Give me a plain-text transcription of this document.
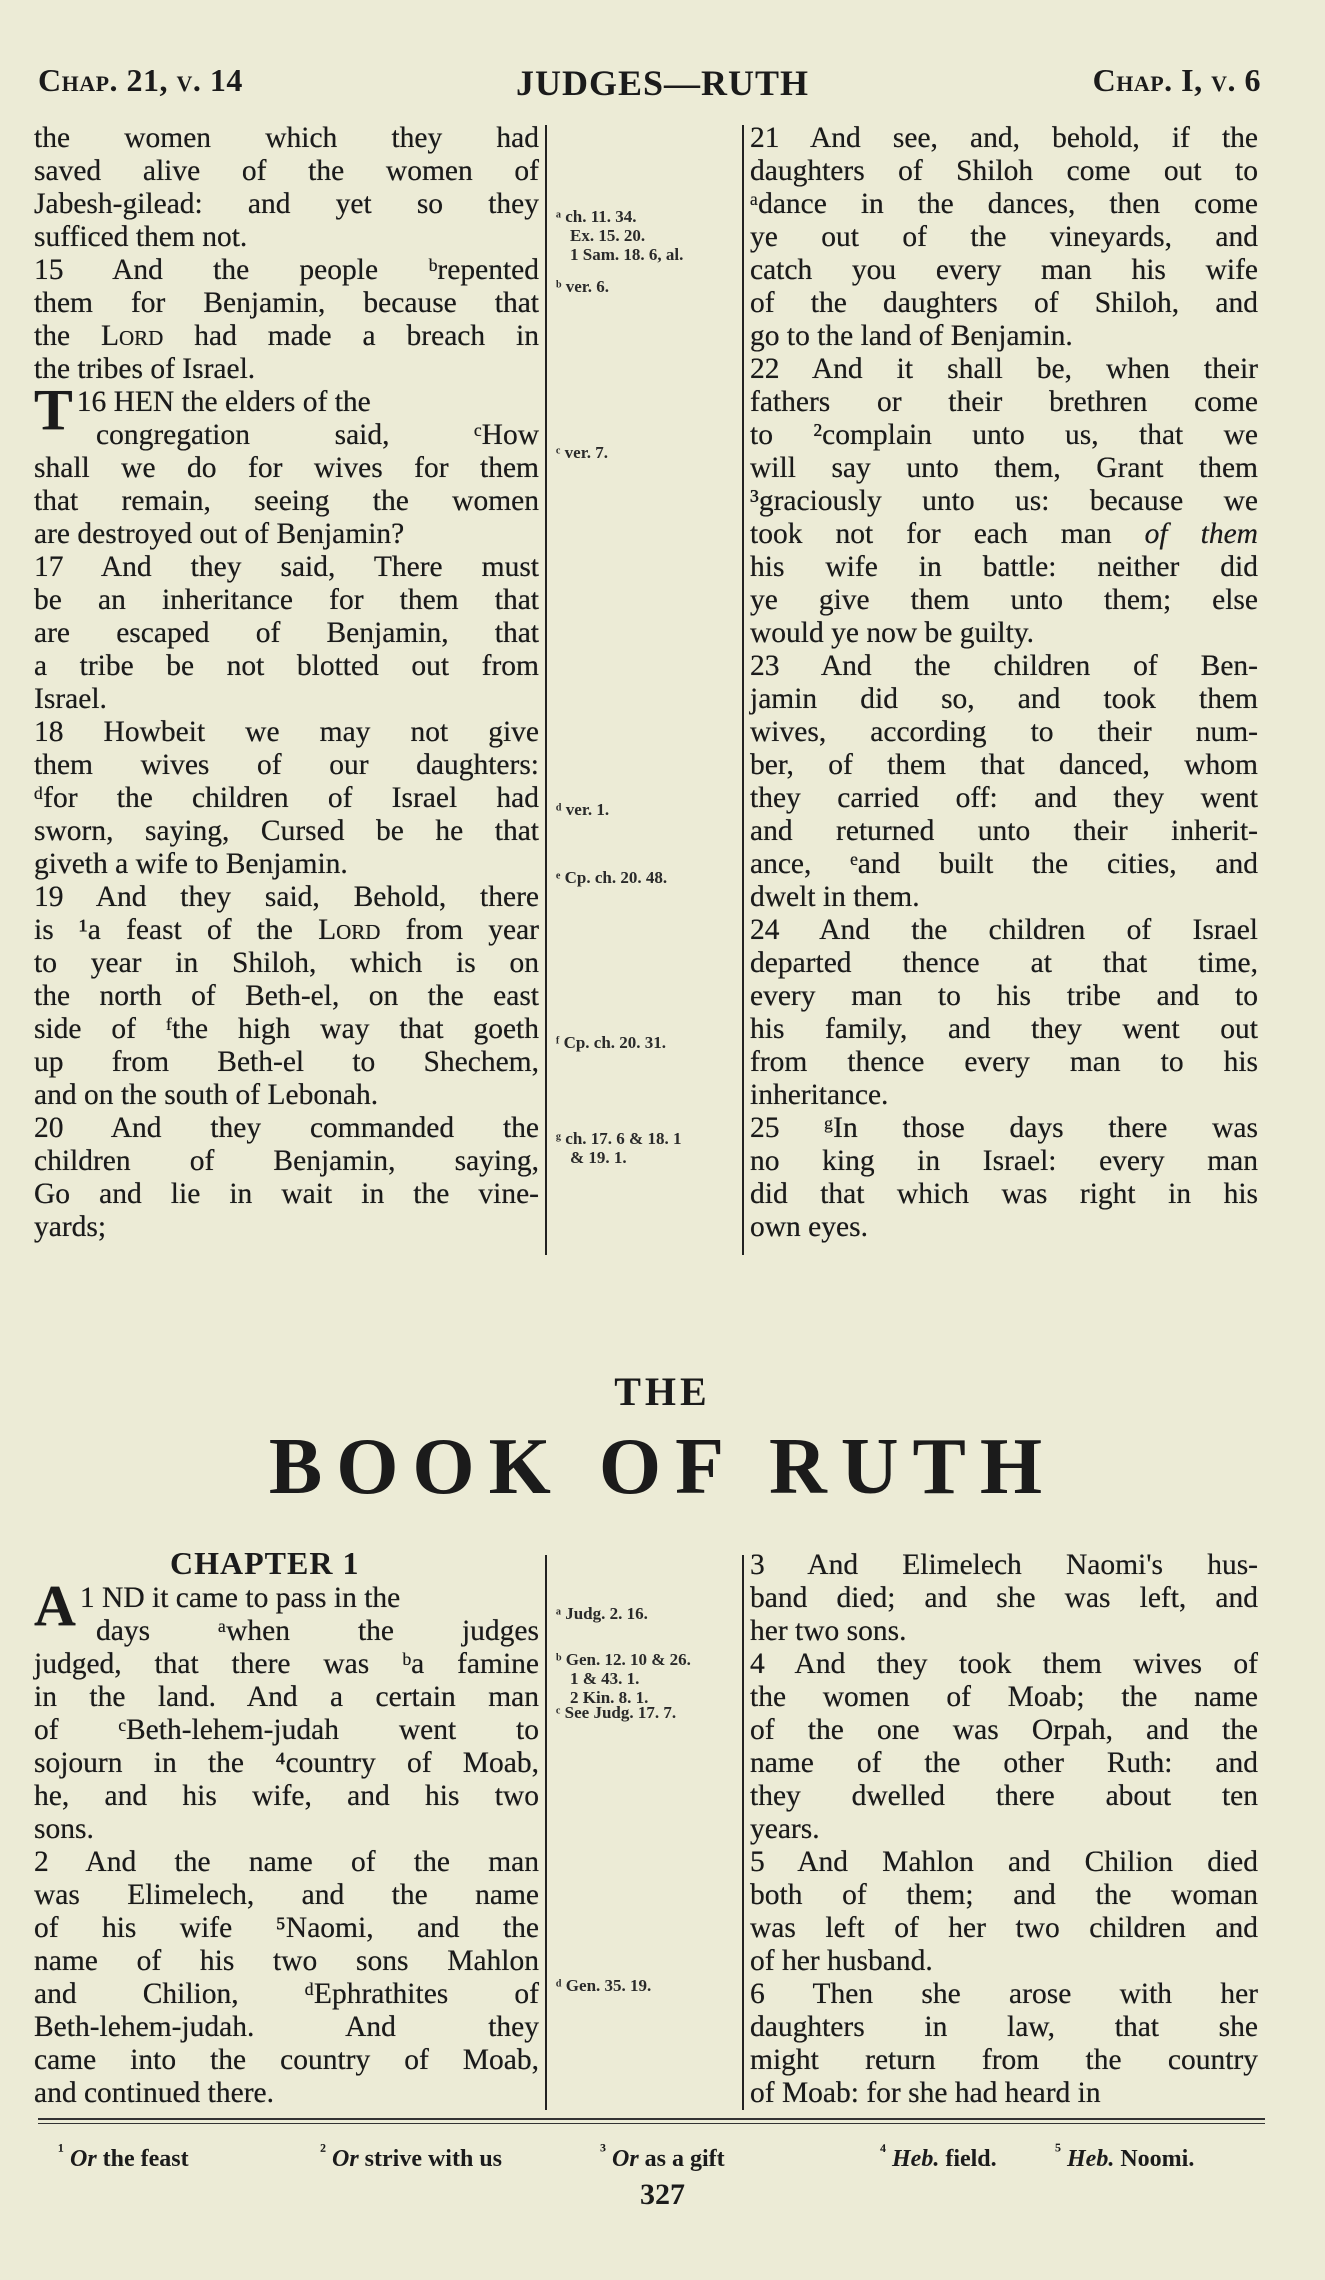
Chap. 21, v. 14	JUDGES—RUTH	Chap. I, v. 6
the women which they had
saved alive of the women of
Jabesh-gilead: and yet so they
sufficed them not.
15 And the people ᵇrepented
them for Benjamin, because that
the Lord had made a breach in
the tribes of Israel.
16
T HEN the elders of the
congregation said, ᶜHow
shall we do for wives for them
that remain, seeing the women
are destroyed out of Benjamin?
17 And they said, There must
be an inheritance for them that
are escaped of Benjamin, that
a tribe be not blotted out from
Israel.
18 Howbeit we may not give
them wives of our daughters:
ᵈfor the children of Israel had
sworn, saying, Cursed be he that
giveth a wife to Benjamin.
19 And they said, Behold, there
is ¹a feast of the Lord from year
to year in Shiloh, which is on
the north of Beth-el, on the east
side of ᶠthe high way that goeth
up from Beth-el to Shechem,
and on the south of Lebonah.
20 And they commanded the
children of Benjamin, saying,
Go and lie in wait in the vine-
yards;
ᵃ ch. 11. 34.
Ex. 15. 20.
1 Sam. 18. 6, al.
ᵇ ver. 6.
ᶜ ver. 7.
ᵈ ver. 1.
ᵉ Cp. ch. 20. 48.
ᶠ Cp. ch. 20. 31.
ᵍ ch. 17. 6 & 18. 1
& 19. 1.
21 And see, and, behold, if the
daughters of Shiloh come out to
ᵃdance in the dances, then come
ye out of the vineyards, and
catch you every man his wife
of the daughters of Shiloh, and
go to the land of Benjamin.
22 And it shall be, when their
fathers or their brethren come
to ²complain unto us, that we
will say unto them, Grant them
³graciously unto us: because we
took not for each man of them
his wife in battle: neither did
ye give them unto them; else
would ye now be guilty.
23 And the children of Ben-
jamin did so, and took them
wives, according to their num-
ber, of them that danced, whom
they carried off: and they went
and returned unto their inherit-
ance, ᵉand built the cities, and
dwelt in them.
24 And the children of Israel
departed thence at that time,
every man to his tribe and to
his family, and they went out
from thence every man to his
inheritance.
25 ᵍIn those days there was
no king in Israel: every man
did that which was right in his
own eyes.
THE
BOOK OF RUTH
CHAPTER 1
1
A ND it came to pass in the
days ᵃwhen the judges
judged, that there was ᵇa famine
in the land. And a certain man
of ᶜBeth-lehem-judah went to
sojourn in the ⁴country of Moab,
he, and his wife, and his two
sons.
2 And the name of the man
was Elimelech, and the name
of his wife ⁵Naomi, and the
name of his two sons Mahlon
and Chilion, ᵈEphrathites of
Beth-lehem-judah. And they
came into the country of Moab,
and continued there.
ᵃ Judg. 2. 16.
ᵇ Gen. 12. 10 & 26.
1 & 43. 1.
2 Kin. 8. 1.
ᶜ See Judg. 17. 7.
ᵈ Gen. 35. 19.
3 And Elimelech Naomi's hus-
band died; and she was left, and
her two sons.
4 And they took them wives of
the women of Moab; the name
of the one was Orpah, and the
name of the other Ruth: and
they dwelled there about ten
years.
5 And Mahlon and Chilion died
both of them; and the woman
was left of her two children and
of her husband.
6 Then she arose with her
daughters in law, that she
might return from the country
of Moab: for she had heard in
$^{^1}$ Or the feast	$^{^2}$ Or strive with us	$^{^3}$ Or as a gift	$^{^4}$ Heb. field.	$^{^5}$ Heb. Noomi.
327
